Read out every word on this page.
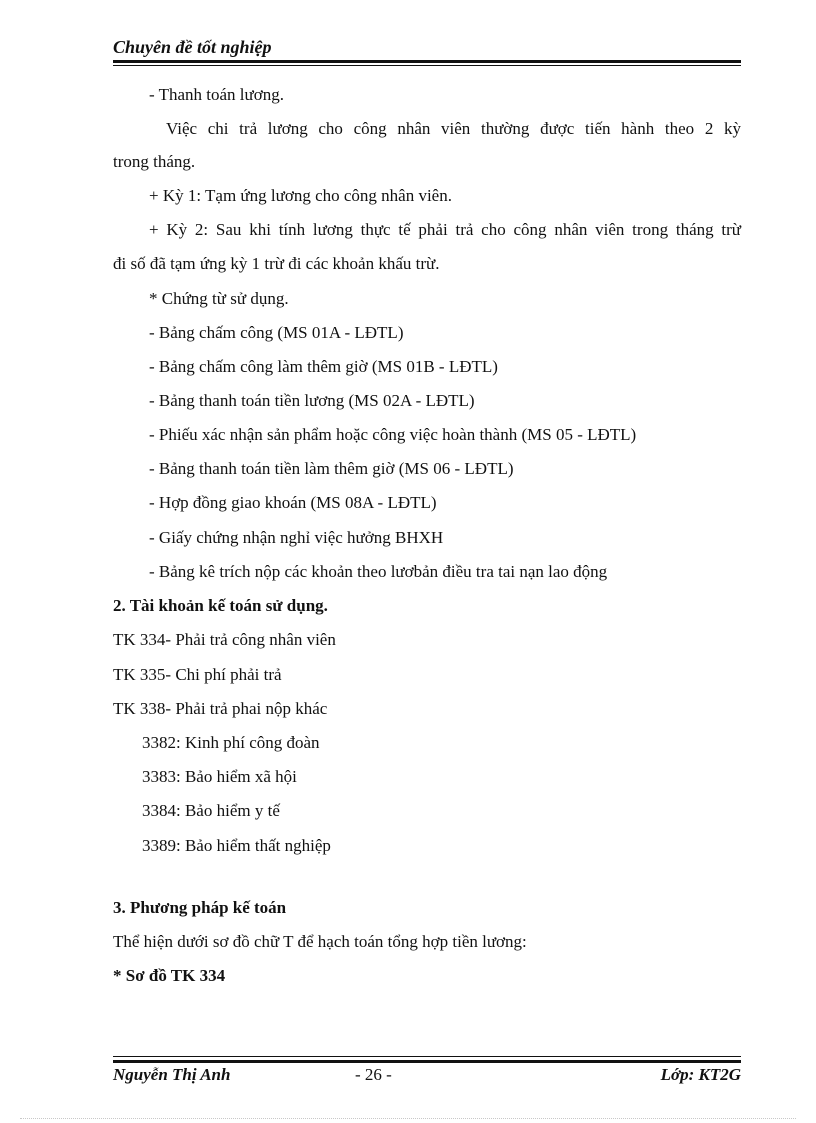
Chuyên đề tốt nghiệp
- Thanh toán lương.
Việc chi trả lương cho công nhân viên thường được tiến hành theo 2 kỳ
trong tháng.
+ Kỳ 1: Tạm ứng lương cho công nhân viên.
+ Kỳ 2: Sau khi tính lương thực tế phải trả cho công nhân viên trong tháng trừ
đi số đã tạm ứng kỳ 1 trừ đi các khoản khấu trừ.
* Chứng từ sử dụng.
- Bảng chấm công (MS 01A - LĐTL)
- Bảng chấm công làm thêm giờ (MS 01B - LĐTL)
- Bảng thanh toán tiền lương (MS 02A - LĐTL)
- Phiếu xác nhận sản phẩm hoặc công việc hoàn thành (MS 05 - LĐTL)
- Bảng thanh toán tiền làm thêm giờ (MS 06 - LĐTL)
- Hợp đồng giao khoán (MS 08A - LĐTL)
- Giấy chứng nhận nghỉ việc hưởng BHXH
- Bảng kê trích nộp các khoản theo lươbản điều tra tai nạn lao động
2. Tài khoản kế toán sử dụng.
TK 334- Phải trả công nhân viên
TK 335- Chi phí phải trả
TK 338- Phải trả phai nộp khác
3382: Kinh phí công đoàn
3383: Bảo hiểm xã hội
3384: Bảo hiểm y tế
3389: Bảo hiểm thất nghiệp
3. Phương pháp kế toán
Thể hiện dưới sơ đồ chữ T để hạch toán tổng hợp tiền lương:
* Sơ đồ TK 334
Nguyễn Thị Anh	- 26 -	Lớp: KT2G
